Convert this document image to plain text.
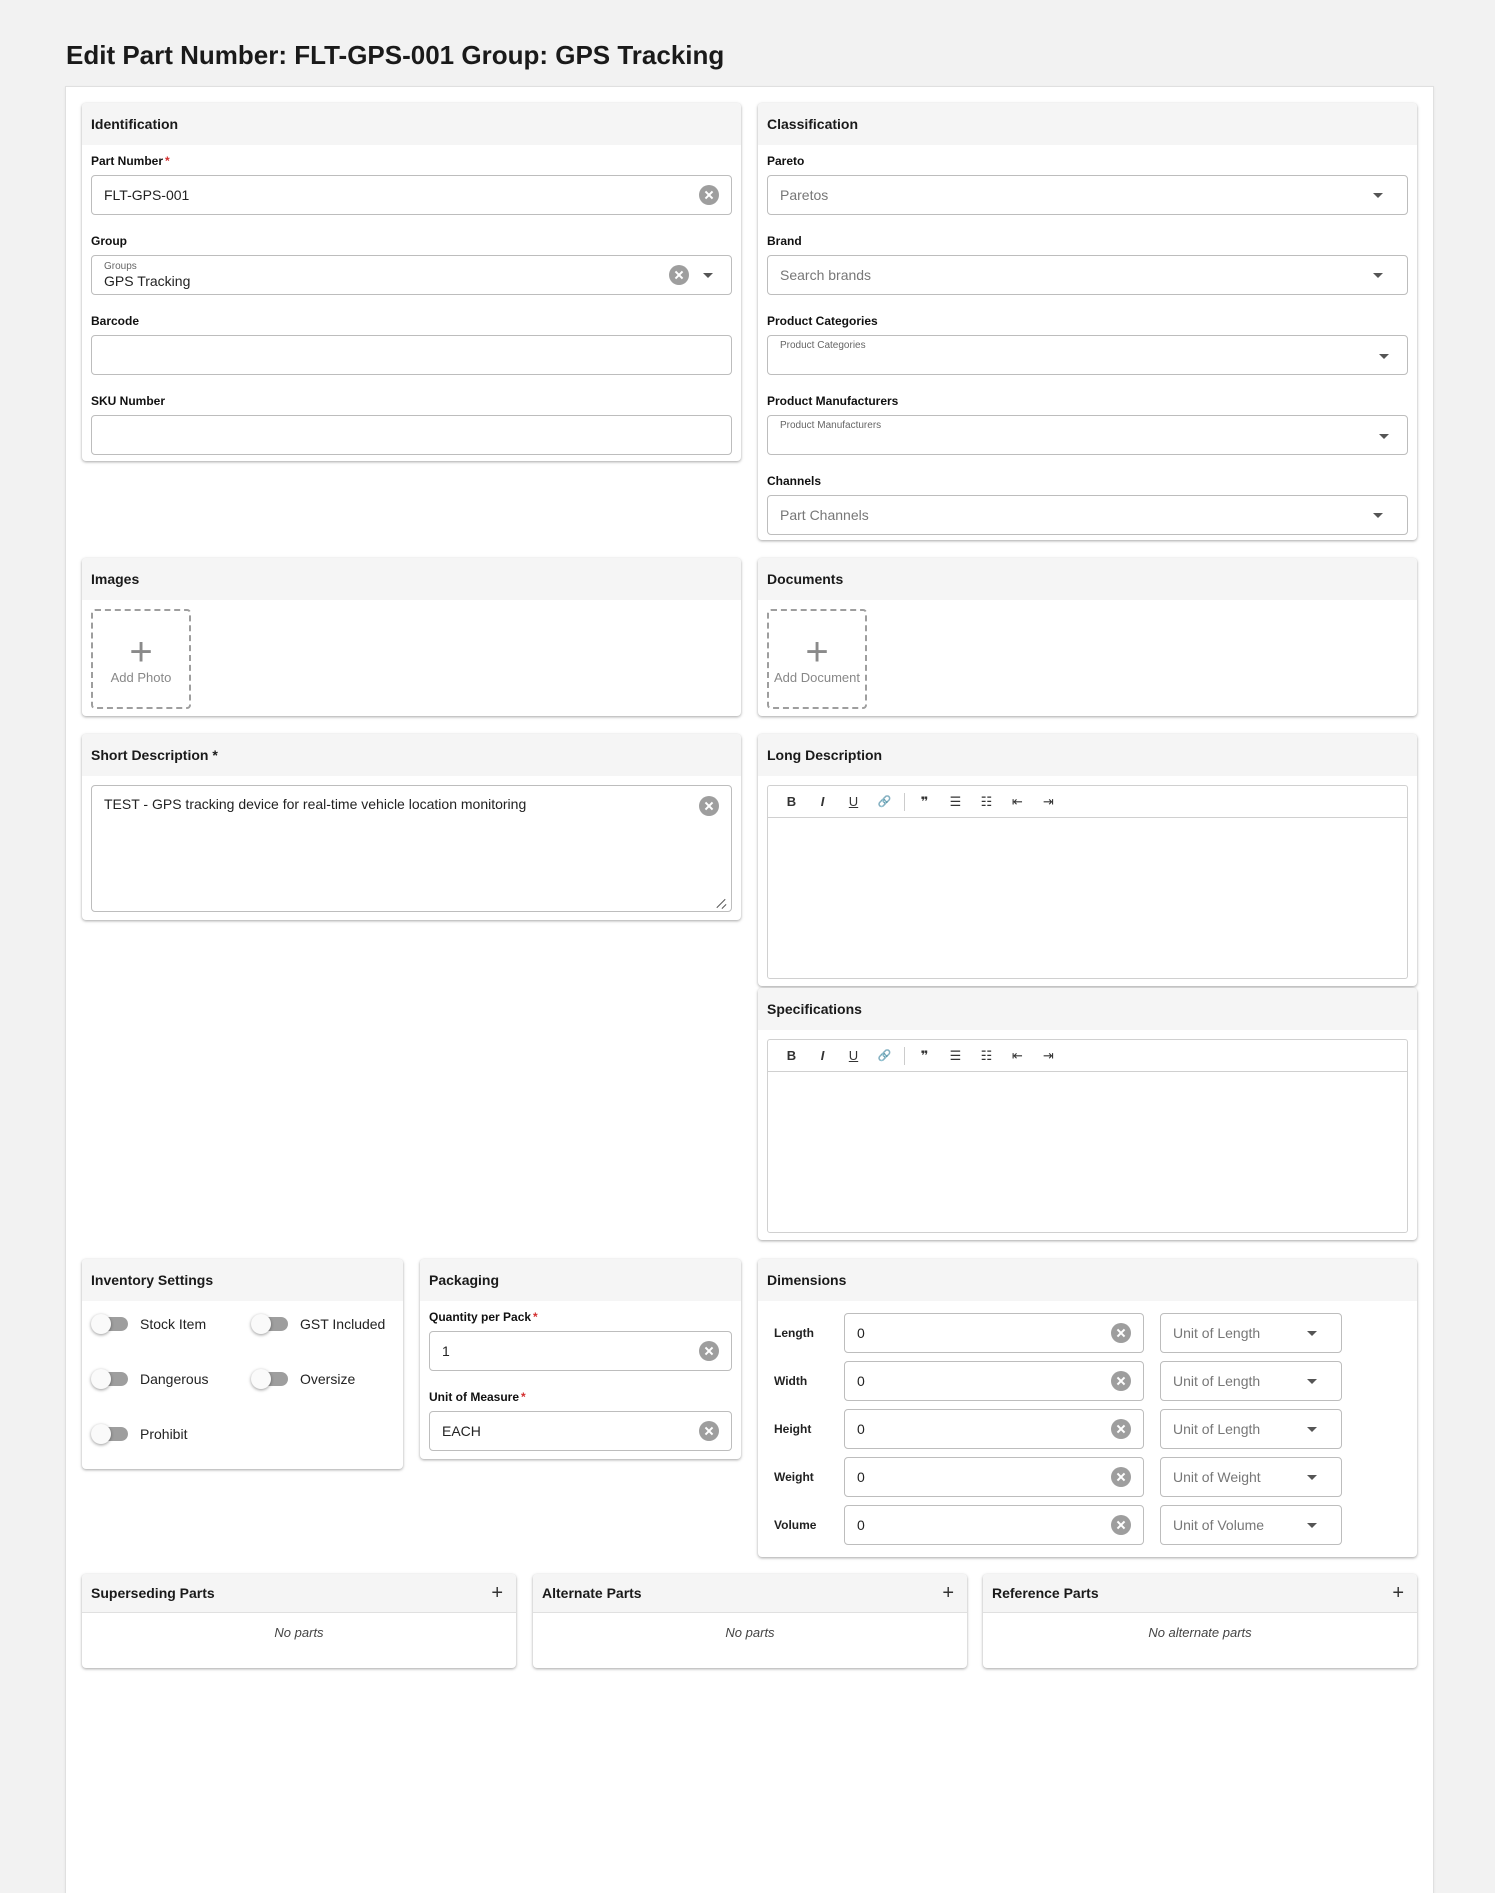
Edit Part Number: FLT-GPS-001 Group: GPS Tracking
Identification
Part Number *
FLT-GPS-001
Group
Groups
GPS Tracking
Barcode
SKU Number
Classification
Pareto
Paretos
Brand
Search brands
Product Categories
Product Categories
Product Manufacturers
Product Manufacturers
Channels
Part Channels
Images
+
Add Photo
Documents
+
Add Document
Short Description *
TEST - GPS tracking device for real-time vehicle location monitoring
Long Description
B	I	U	🔗	❞	☰	☷	⇤	⇥
Specifications
B	I	U	🔗	❞	☰	☷	⇤	⇥
Inventory Settings
Stock Item	GST Included
Dangerous	Oversize
Prohibit
Packaging
Quantity per Pack *
1
Unit of Measure *
EACH
Dimensions
Length	0	Unit of Length
Width	0	Unit of Length
Height	0	Unit of Length
Weight	0	Unit of Weight
Volume	0	Unit of Volume
Superseding Parts	+
No parts
Alternate Parts	+
No parts
Reference Parts	+
No alternate parts
